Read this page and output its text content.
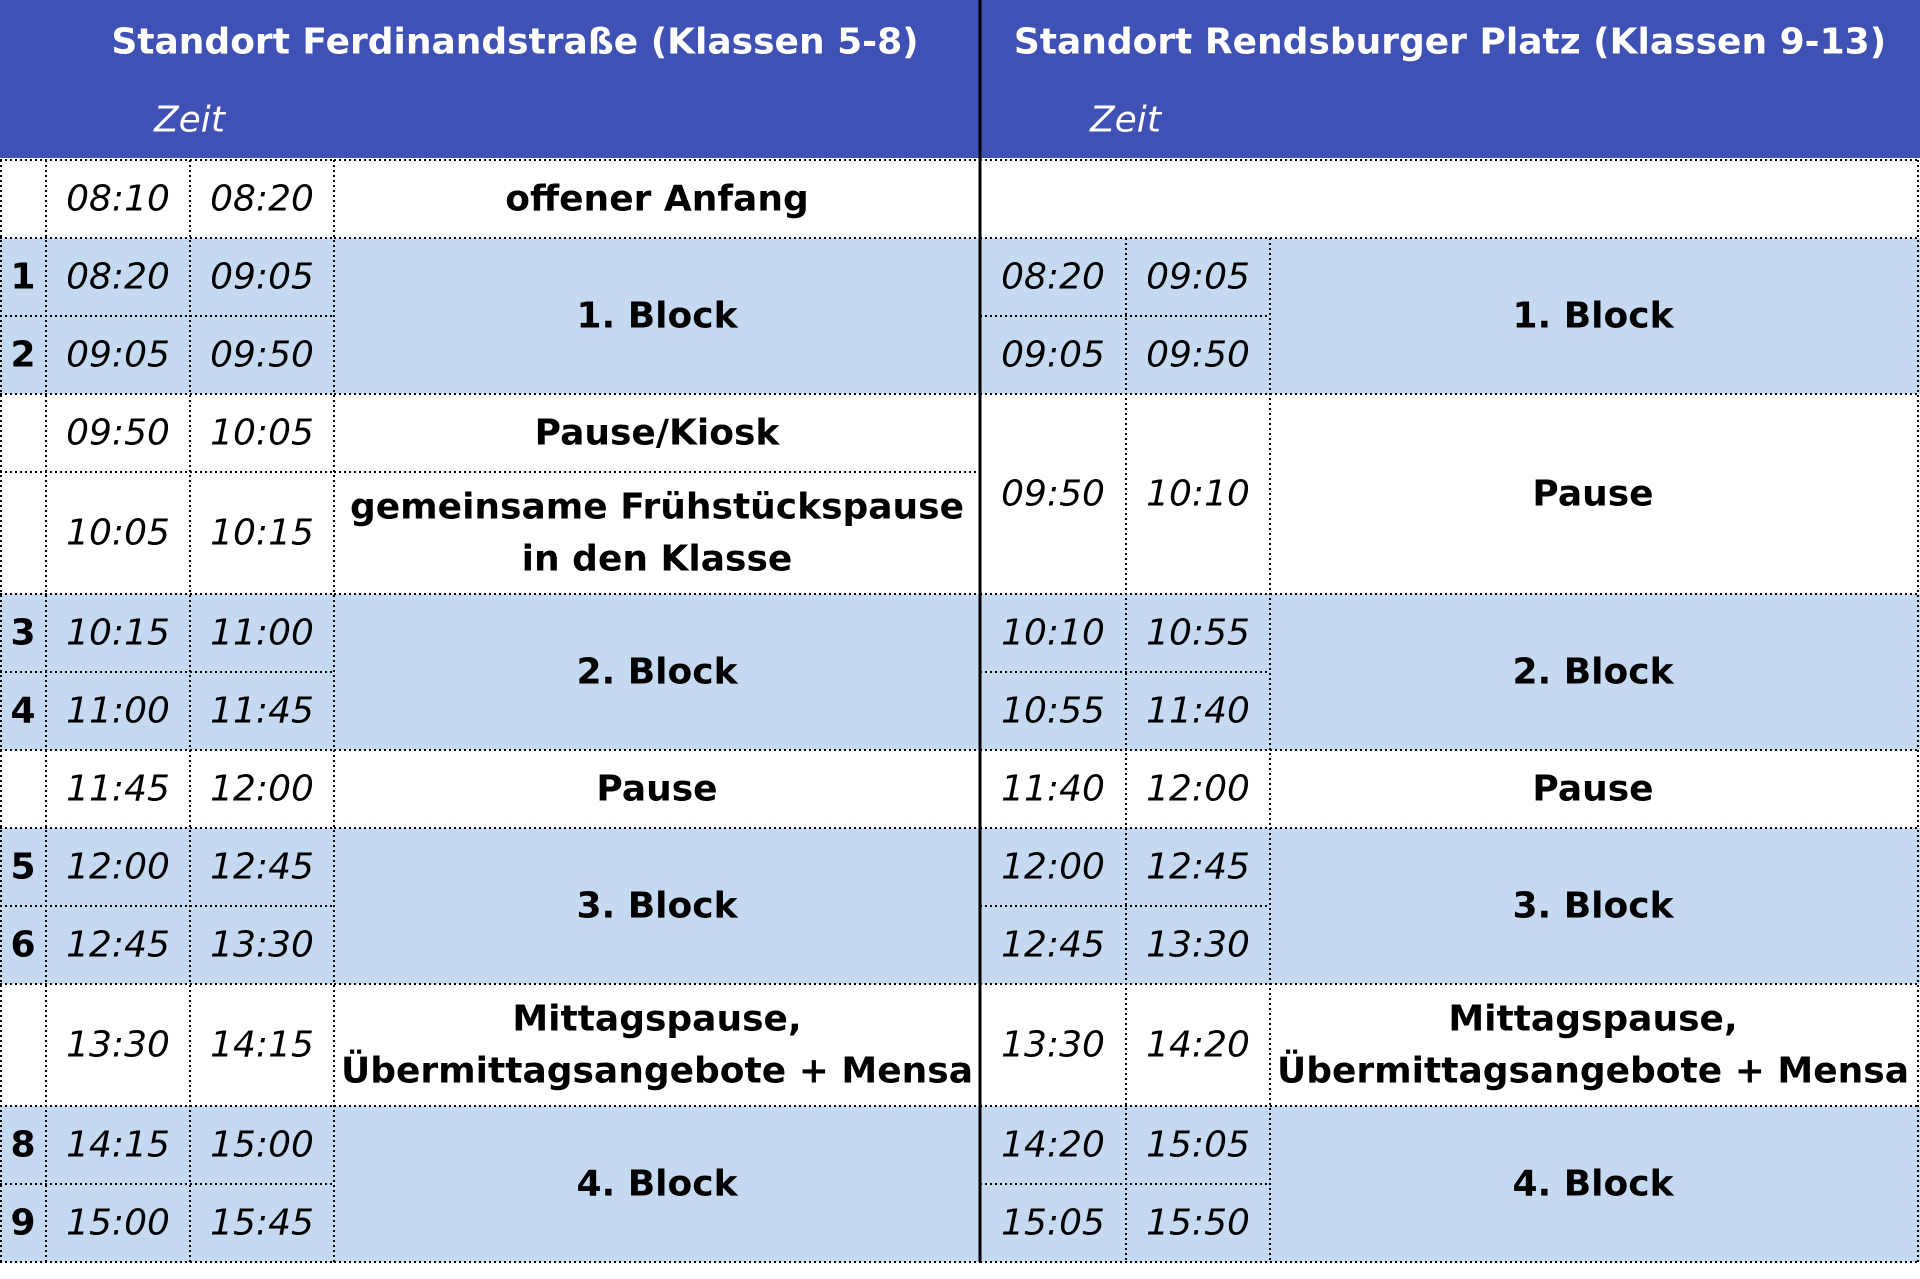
Standort Ferdinandstraße (Klassen 5-8)	Standort Rendsburger Platz (Klassen 9-13)
Zeit	Zeit
08:10 08:20
1 08:20 09:05
2 09:05 09:50
09:50 10:05
10:05 10:15
3 10:15 11:00
4 11:00 11:45
11:45 12:00
5 12:00 12:45
6 12:45 13:30
13:30 14:15
8 14:15 15:00
9 15:00 15:45
offener Anfang
1. Block
Pause/Kiosk
gemeinsame Frühstückspause
in den Klasse
2. Block
Pause
3. Block
Mittagspause,
Übermittagsangebote + Mensa
4. Block
08:20 09:05
09:05 09:50
09:50 10:10
10:10 10:55
10:55 11:40
11:40 12:00
12:00 12:45
12:45 13:30
13:30 14:20
14:20 15:05
15:05 15:50
1. Block
Pause
2. Block
Pause
3. Block
Mittagspause,
Übermittagsangebote + Mensa
4. Block
